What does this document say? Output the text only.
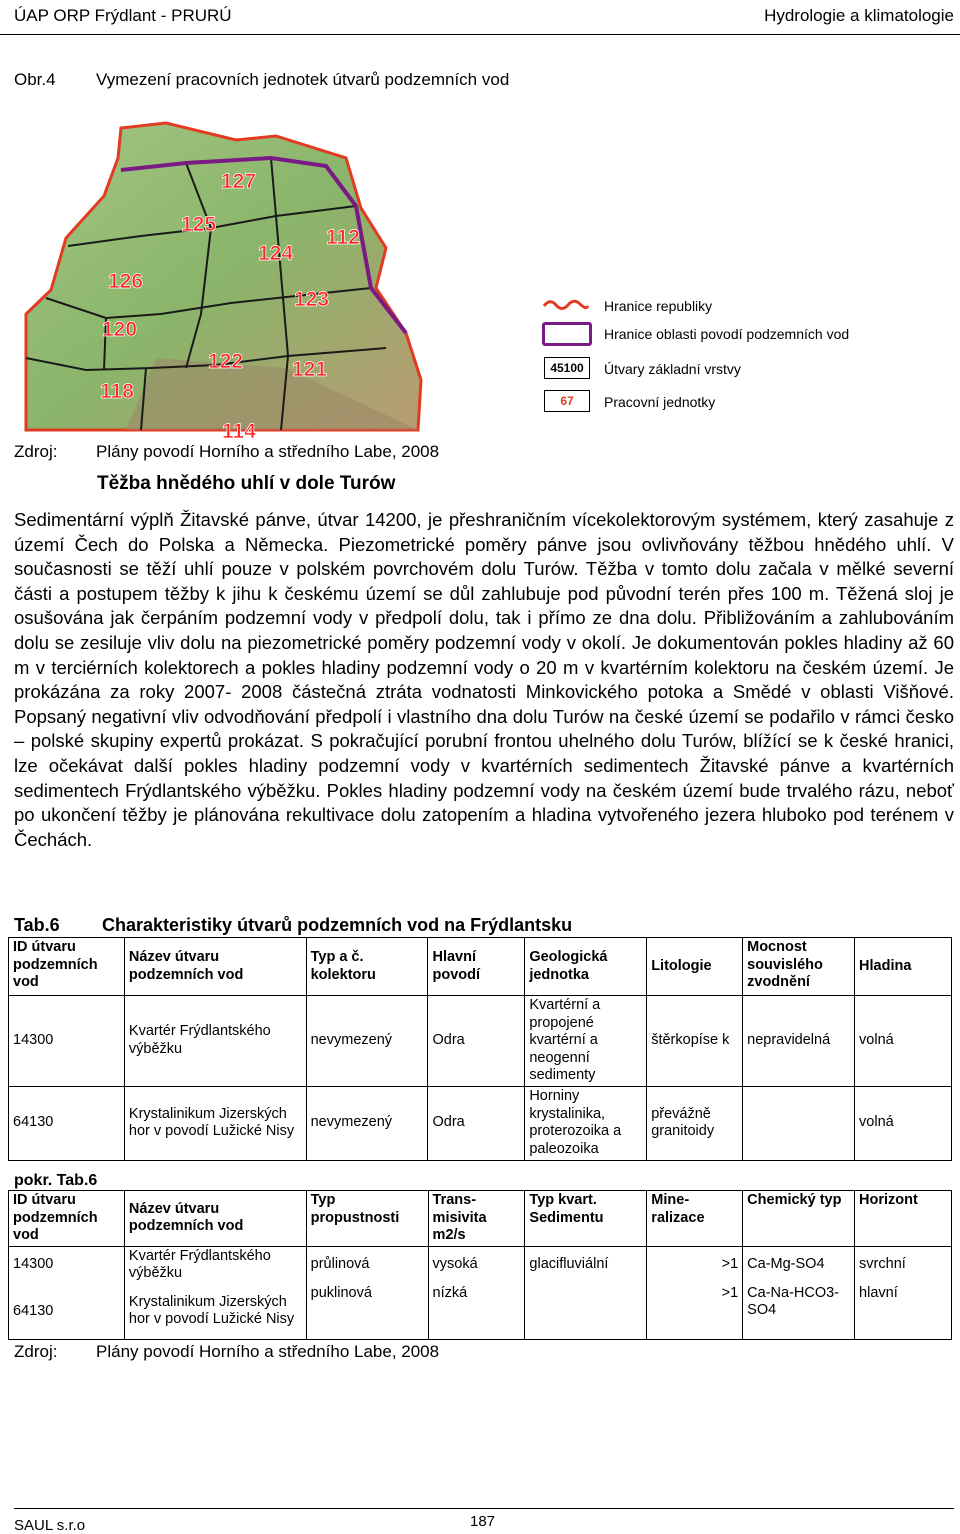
ÚAP ORP Frýdlant - PRURÚ	Hydrologie a klimatologie
Obr.4 Vymezení pracovních jednotek útvarů podzemních vod
127
125
124
112
126
123
120
122 121
118
114
Hranice republiky
Hranice oblasti povodí podzemních vod
45100	Útvary základní vrstvy
67	Pracovní jednotky
Zdroj: Plány povodí Horního a středního Labe, 2008
Těžba hnědého uhlí v dole Turów
Sedimentární výplň Žitavské pánve, útvar 14200, je přeshraničním vícekolektorovým systémem, který zasahuje z území Čech do Polska a Německa. Piezometrické poměry pánve jsou ovlivňovány těžbou hnědého uhlí. V současnosti se těží uhlí pouze v polském povrchovém dolu Turów. Těžba v tomto dolu začala v mělké severní části a postupem těžby k jihu k českému území se důl zahlubuje pod původní terén přes 100 m. Těžená sloj je osušována jak čerpáním podzemní vody v předpolí dolu, tak i přímo ze dna dolu. Přibližováním a zahlubováním dolu se zesiluje vliv dolu na piezometrické poměry podzemní vody v okolí. Je dokumentován pokles hladiny až 60 m v terciérních kolektorech a pokles hladiny podzemní vody o 20 m v kvartérním kolektoru na českém území. Je prokázána za roky 2007- 2008 částečná ztráta vodnatosti Minkovického potoka a Smědé v oblasti Višňové. Popsaný negativní vliv odvodňování předpolí i vlastního dna dolu Turów na české území se podařilo v rámci česko – polské skupiny expertů prokázat. S pokračující porubní frontou uhelného dolu Turów, blížící se k české hranici, lze očekávat další pokles hladiny podzemní vody v kvartérních sedimentech Žitavské pánve a kvartérních sedimentech Frýdlantského výběžku. Pokles hladiny podzemní vody na českém území bude trvalého rázu, neboť po ukončení těžby je plánována rekultivace dolu zatopením a hladina vytvořeného jezera hluboko pod terénem v Čechách.
Tab.6 Charakteristiky útvarů podzemních vod na Frýdlantsku
ID útvaru podzemních vod	Název útvaru podzemních vod	Typ a č. kolektoru	Hlavní povodí	Geologická jednotka	Litologie	Mocnost souvislého zvodnění	Hladina
14300	Kvartér Frýdlantského výběžku	nevymezený	Odra	Kvartérní a propojené kvartérní a neogenní sedimenty	štěrkopíse k	nepravidelná	volná
64130	Krystalinikum Jizerských hor v povodí Lužické Nisy	nevymezený	Odra	Horniny krystalinika, proterozoika a paleozoika	převážně granitoidy		volná
pokr. Tab.6
ID útvaru podzemních vod	Název útvaru podzemních vod	Typ propustnosti	Trans-misivita m2/s	Typ kvart. Sedimentu	Mine-ralizace	Chemický typ	Horizont
14300	Kvartér Frýdlantského výběžku	průlinová	vysoká	glacifluviální	>1	Ca-Mg-SO4	svrchní
64130	Krystalinikum Jizerských hor v povodí Lužické Nisy	puklinová	nízká		>1	Ca-Na-HCO3-SO4	hlavní
Zdroj: Plány povodí Horního a středního Labe, 2008
SAUL s.r.o	187
